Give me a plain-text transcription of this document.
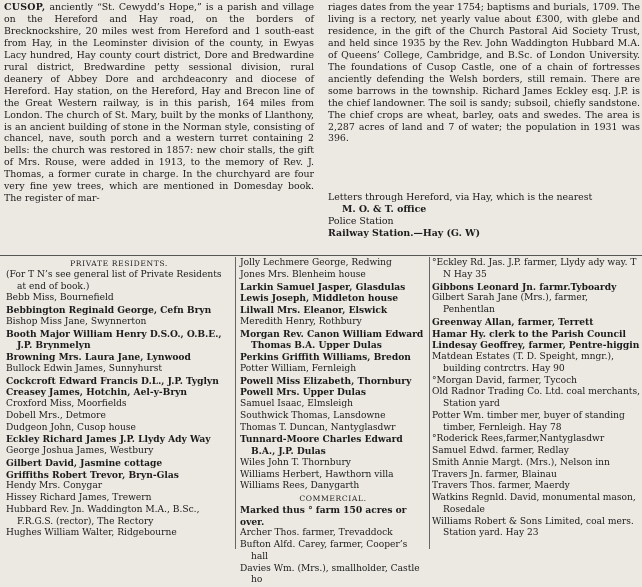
CUSOP, anciently “St. Cewydd’s Hope,” is a parish and village on the Hereford and Hay road, on the borders of Brecknockshire, 20 miles west from Hereford and 1 south-east from Hay, in the Leominster division of the county, in Ewyas Lacy hundred, Hay county court district, Dore and Bredwardine rural district, Bredwardine petty sessional division, rural deanery of Abbey Dore and archdeaconry and diocese of Hereford. Hay station, on the Hereford, Hay and Brecon line of the Great Western railway, is in this parish, 164 miles from London. The church of St. Mary, built by the monks of Llanthony, is an ancient building of stone in the Norman style, consisting of chancel, nave, south porch and a western turret containing 2 bells: the church was restored in 1857: new choir stalls, the gift of Mrs. Rouse, were added in 1913, to the memory of Rev. J. Thomas, a former curate in charge. In the churchyard are four very fine yew trees, which are mentioned in Domesday book. The register of mar-

riages dates from the year 1754; baptisms and burials, 1709. The living is a rectory, net yearly value about £300, with glebe and residence, in the gift of the Church Pastoral Aid Society Trust, and held since 1935 by the Rev. John Waddington Hubbard M.A. of Queens’ College, Cambridge, and B.Sc. of London University. The foundations of Cusop Castle, one of a chain of fortresses anciently defending the Welsh borders, still remain. There are some barrows in the township. Richard James Eckley esq. J.P. is the chief landowner. The soil is sandy; subsoil, chiefly sandstone. The chief crops are wheat, barley, oats and swedes. The area is 2,287 acres of land and 7 of water; the population in 1931 was 396.

Letters through Hereford, via Hay, which is the nearest
M. O. & T. office
Police Station
Railway Station.—Hay (G. W)
PRIVATE RESIDENTS.
(For T N’s see general list of Private Residents at end of book.)
Bebb Miss, Bournefield
Bebbington Reginald George, Cefn Bryn
Bishop Miss Jane, Swynnerton
Booth Major William Henry D.S.O., O.B.E., J.P. Brynmelyn
Browning Mrs. Laura Jane, Lynwood
Bullock Edwin James, Sunnyhurst
Cockcroft Edward Francis D.L., J.P. Tyglyn
Creasey James, Hotchin, Ael-y-Bryn
Croxford Miss, Moorfields
Dobell Mrs., Detmore
Dudgeon John, Cusop house
Eckley Richard James J.P. Llydy Ady Way
George Joshua James, Westbury
Gilbert David, Jasmine cottage
Griffiths Robert Trevor, Bryn-Glas
Hendy Mrs. Conygar
Hissey Richard James, Trewern
Hubbard Rev. Jn. Waddington M.A., B.Sc., F.R.G.S. (rector), The Rectory
Hughes William Walter, Ridgebourne
Jolly Lechmere George, Redwing
Jones Mrs. Blenheim house
Larkin Samuel Jasper, Glasdulas
Lewis Joseph, Middleton house
Lilwall Mrs. Eleanor, Elswick
Meredith Henry, Rothbury
Morgan Rev. Canon William Edward Thomas B.A. Upper Dulas
Perkins Griffith Williams, Bredon
Potter William, Fernleigh
Powell Miss Elizabeth, Thornbury
Powell Mrs. Upper Dulas
Samuel Isaac, Elmsleigh
Southwick Thomas, Lansdowne
Thomas T. Duncan, Nantyglasdwr
Tunnard-Moore Charles Edward B.A., J.P. Dulas
Wiles John T. Thornbury
Williams Herbert, Hawthorn villa
Williams Rees, Danygarth
COMMERCIAL.
Marked thus ° farm 150 acres or over.
Archer Thos. farmer, Trevaddock
Bufton Alfd. Carey, farmer, Cooper’s hall
Davies Wm. (Mrs.), smallholder, Castle ho
°Eckley Rd. Jas. J.P. farmer, Llydy ady way. T N Hay 35
Gibbons Leonard Jn. farmr.Tyboardy
Gilbert Sarah Jane (Mrs.), farmer, Penhentlan
Greenway Allan, farmer, Terrett
Hamar Hy. clerk to the Parish Council
Lindesay Geoffrey, farmer, Pentre-higgin
Matdean Estates (T. D. Speight, mngr.), building contrctrs. Hay 90
°Morgan David, farmer, Tycoch
Old Radnor Trading Co. Ltd. coal merchants, Station yard
Potter Wm. timber mer, buyer of standing timber, Fernleigh. Hay 78
°Roderick Rees,farmer,Nantyglasdwr
Samuel Edwd. farmer, Redlay
Smith Annie Margt. (Mrs.), Nelson inn
Travers Jn. farmer, Blainau
Travers Thos. farmer, Maerdy
Watkins Regnld. David, monumental mason, Rosedale
Williams Robert & Sons Limited, coal mers. Station yard. Hay 23
